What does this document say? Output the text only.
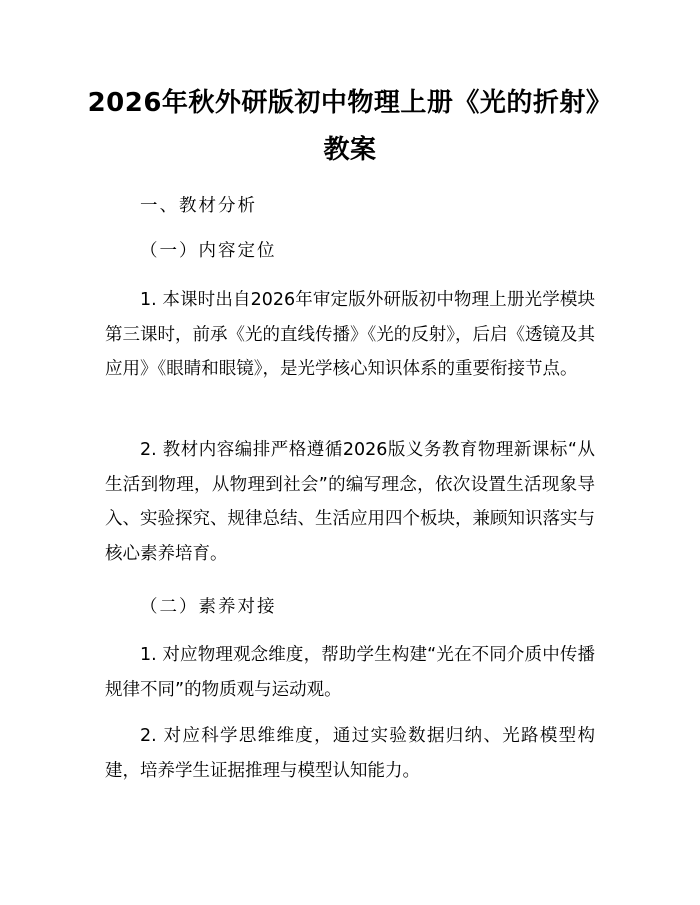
2026年秋外研版初中物理上册《光的折射》
教案
一、教材分析
（一）内容定位
1. 本课时出自2026年审定版外研版初中物理上册光学模块第三课时，前承《光的直线传播》《光的反射》，后启《透镜及其应用》《眼睛和眼镜》，是光学核心知识体系的重要衔接节点。
2. 教材内容编排严格遵循2026版义务教育物理新课标“从生活到物理，从物理到社会”的编写理念，依次设置生活现象导入、实验探究、规律总结、生活应用四个板块，兼顾知识落实与核心素养培育。
（二）素养对接
1. 对应物理观念维度，帮助学生构建“光在不同介质中传播规律不同”的物质观与运动观。
2. 对应科学思维维度，通过实验数据归纳、光路模型构建，培养学生证据推理与模型认知能力。
